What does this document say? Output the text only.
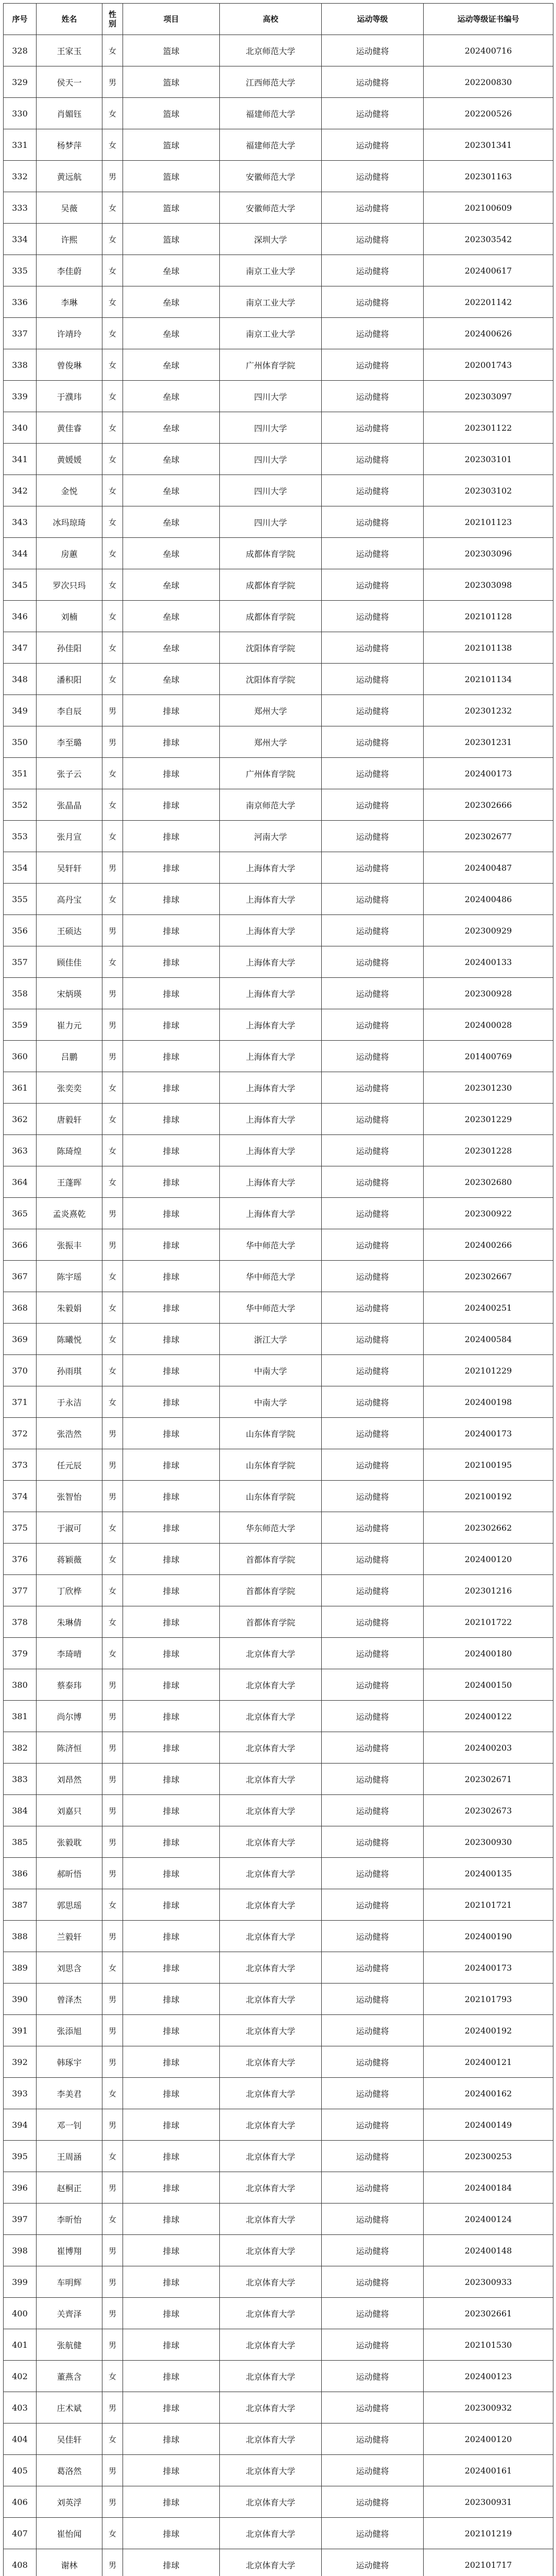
序号	姓名	性别	项目	高校	运动等级	运动等级证书编号
328	王家玉	女	篮球	北京师范大学	运动健将	202400716
329	侯天一	男	篮球	江西师范大学	运动健将	202200830
330	肖媚钰	女	篮球	福建师范大学	运动健将	202200526
331	杨梦萍	女	篮球	福建师范大学	运动健将	202301341
332	黄远航	男	篮球	安徽师范大学	运动健将	202301163
333	吴薇	女	篮球	安徽师范大学	运动健将	202100609
334	许熙	女	篮球	深圳大学	运动健将	202303542
335	李佳蔚	女	垒球	南京工业大学	运动健将	202400617
336	李琳	女	垒球	南京工业大学	运动健将	202201142
337	许靖玲	女	垒球	南京工业大学	运动健将	202400626
338	曾俊琳	女	垒球	广州体育学院	运动健将	202001743
339	于濮玮	女	垒球	四川大学	运动健将	202303097
340	黄佳睿	女	垒球	四川大学	运动健将	202301122
341	黄媛媛	女	垒球	四川大学	运动健将	202303101
342	金悦	女	垒球	四川大学	运动健将	202303102
343	冰玛琼琦	女	垒球	四川大学	运动健将	202101123
344	房蕙	女	垒球	成都体育学院	运动健将	202303096
345	罗次只玛	女	垒球	成都体育学院	运动健将	202303098
346	刘楠	女	垒球	成都体育学院	运动健将	202101128
347	孙佳阳	女	垒球	沈阳体育学院	运动健将	202101138
348	潘积阳	女	垒球	沈阳体育学院	运动健将	202101134
349	李自辰	男	排球	郑州大学	运动健将	202301232
350	李至璐	男	排球	郑州大学	运动健将	202301231
351	张子云	女	排球	广州体育学院	运动健将	202400173
352	张晶晶	女	排球	南京师范大学	运动健将	202302666
353	张月宣	女	排球	河南大学	运动健将	202302677
354	吴轩轩	男	排球	上海体育大学	运动健将	202400487
355	高丹宝	女	排球	上海体育大学	运动健将	202400486
356	王硕达	男	排球	上海体育大学	运动健将	202300929
357	顾佳佳	女	排球	上海体育大学	运动健将	202400133
358	宋炳瑛	男	排球	上海体育大学	运动健将	202300928
359	崔力元	男	排球	上海体育大学	运动健将	202400028
360	吕鹏	男	排球	上海体育大学	运动健将	201400769
361	张奕奕	女	排球	上海体育大学	运动健将	202301230
362	唐毅轩	女	排球	上海体育大学	运动健将	202301229
363	陈琦煌	女	排球	上海体育大学	运动健将	202301228
364	王蓬晖	女	排球	上海体育大学	运动健将	202302680
365	孟炎熹乾	男	排球	上海体育大学	运动健将	202300922
366	张振丰	男	排球	华中师范大学	运动健将	202400266
367	陈宇瑶	女	排球	华中师范大学	运动健将	202302667
368	朱毅娟	女	排球	华中师范大学	运动健将	202400251
369	陈曦悦	女	排球	浙江大学	运动健将	202400584
370	孙雨琪	女	排球	中南大学	运动健将	202101229
371	于永洁	女	排球	中南大学	运动健将	202400198
372	张浩然	男	排球	山东体育学院	运动健将	202400173
373	任元辰	男	排球	山东体育学院	运动健将	202100195
374	张智怡	男	排球	山东体育学院	运动健将	202100192
375	于淑可	女	排球	华东师范大学	运动健将	202302662
376	蒋颖薇	女	排球	首都体育学院	运动健将	202400120
377	丁欣桦	女	排球	首都体育学院	运动健将	202301216
378	朱琳倩	女	排球	首都体育学院	运动健将	202101722
379	李琦晴	女	排球	北京体育大学	运动健将	202400180
380	蔡泰玮	男	排球	北京体育大学	运动健将	202400150
381	尚尔博	男	排球	北京体育大学	运动健将	202400122
382	陈济恒	男	排球	北京体育大学	运动健将	202400203
383	刘昂然	男	排球	北京体育大学	运动健将	202302671
384	刘嘉只	男	排球	北京体育大学	运动健将	202302673
385	张毅耽	男	排球	北京体育大学	运动健将	202300930
386	郝昕悟	男	排球	北京体育大学	运动健将	202400135
387	郭思瑶	女	排球	北京体育大学	运动健将	202101721
388	兰毅轩	男	排球	北京体育大学	运动健将	202400190
389	刘思含	女	排球	北京体育大学	运动健将	202400173
390	曾泽杰	男	排球	北京体育大学	运动健将	202101793
391	张添旭	男	排球	北京体育大学	运动健将	202400192
392	韩琢宇	男	排球	北京体育大学	运动健将	202400121
393	李美君	女	排球	北京体育大学	运动健将	202400162
394	邓一钊	男	排球	北京体育大学	运动健将	202400149
395	王周涵	女	排球	北京体育大学	运动健将	202300253
396	赵桐正	男	排球	北京体育大学	运动健将	202400184
397	李昕怡	女	排球	北京体育大学	运动健将	202400124
398	崔博翔	男	排球	北京体育大学	运动健将	202400148
399	车明辉	男	排球	北京体育大学	运动健将	202300933
400	关齊泽	男	排球	北京体育大学	运动健将	202302661
401	张航健	男	排球	北京体育大学	运动健将	202101530
402	董燕含	女	排球	北京体育大学	运动健将	202400123
403	庄术斌	男	排球	北京体育大学	运动健将	202300932
404	吴佳轩	女	排球	北京体育大学	运动健将	202400120
405	葛洛然	男	排球	北京体育大学	运动健将	202400161
406	刘英浮	男	排球	北京体育大学	运动健将	202300931
407	崔怡闻	女	排球	北京体育大学	运动健将	202101219
408	谢林	男	排球	北京体育大学	运动健将	202101717
